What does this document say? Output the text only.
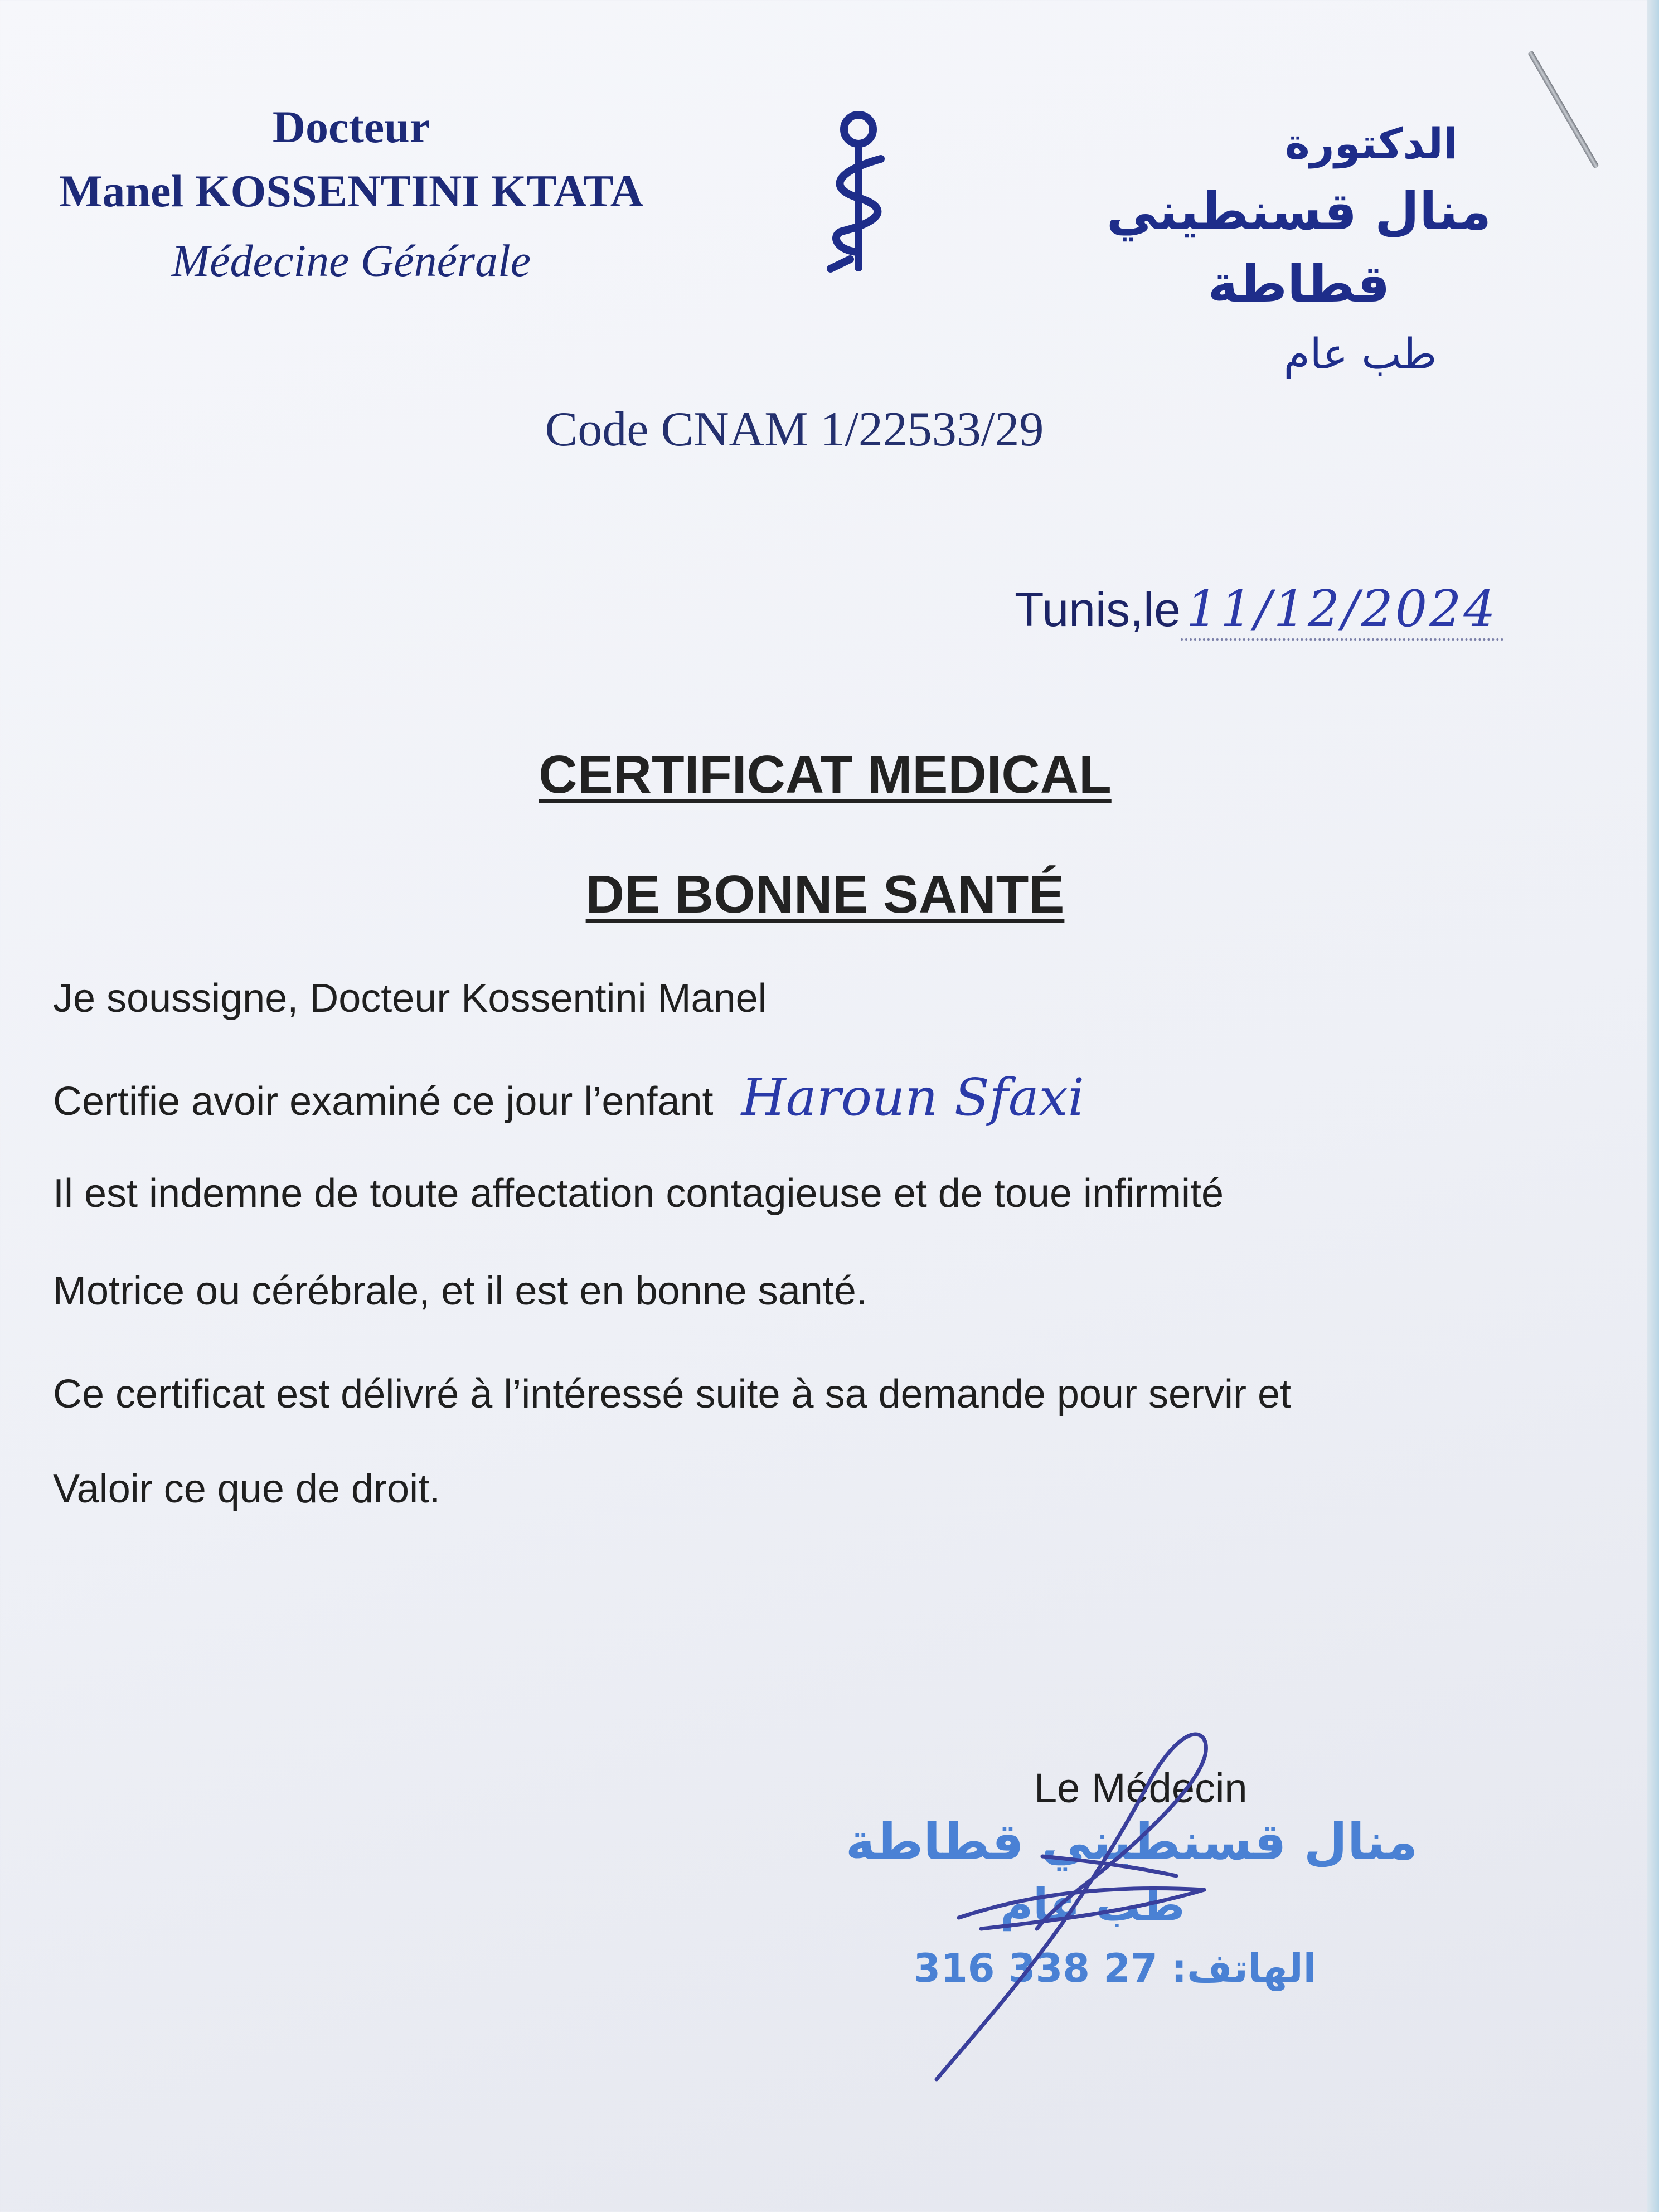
Docteur
Manel KOSSENTINI KTATA
Médecine Générale
الدكتورة
منال قسنطيني قطاطة
طب عام
Code CNAM 1/22533/29
Tunis,le 11/12/2024
CERTIFICAT MEDICAL
DE BONNE SANTÉ
Je soussigne, Docteur Kossentini Manel
Certifie avoir examiné ce jour l’enfant Haroun Sfaxi
Il est indemne de toute affectation contagieuse et de toue infirmité
Motrice ou cérébrale, et il est en bonne santé.
Ce certificat est délivré à l’intéressé suite à sa demande pour servir et
Valoir ce que de droit.
Le Médecin
منال قسنطيني قطاطة
طب عام
الهاتف: 27 338 316
